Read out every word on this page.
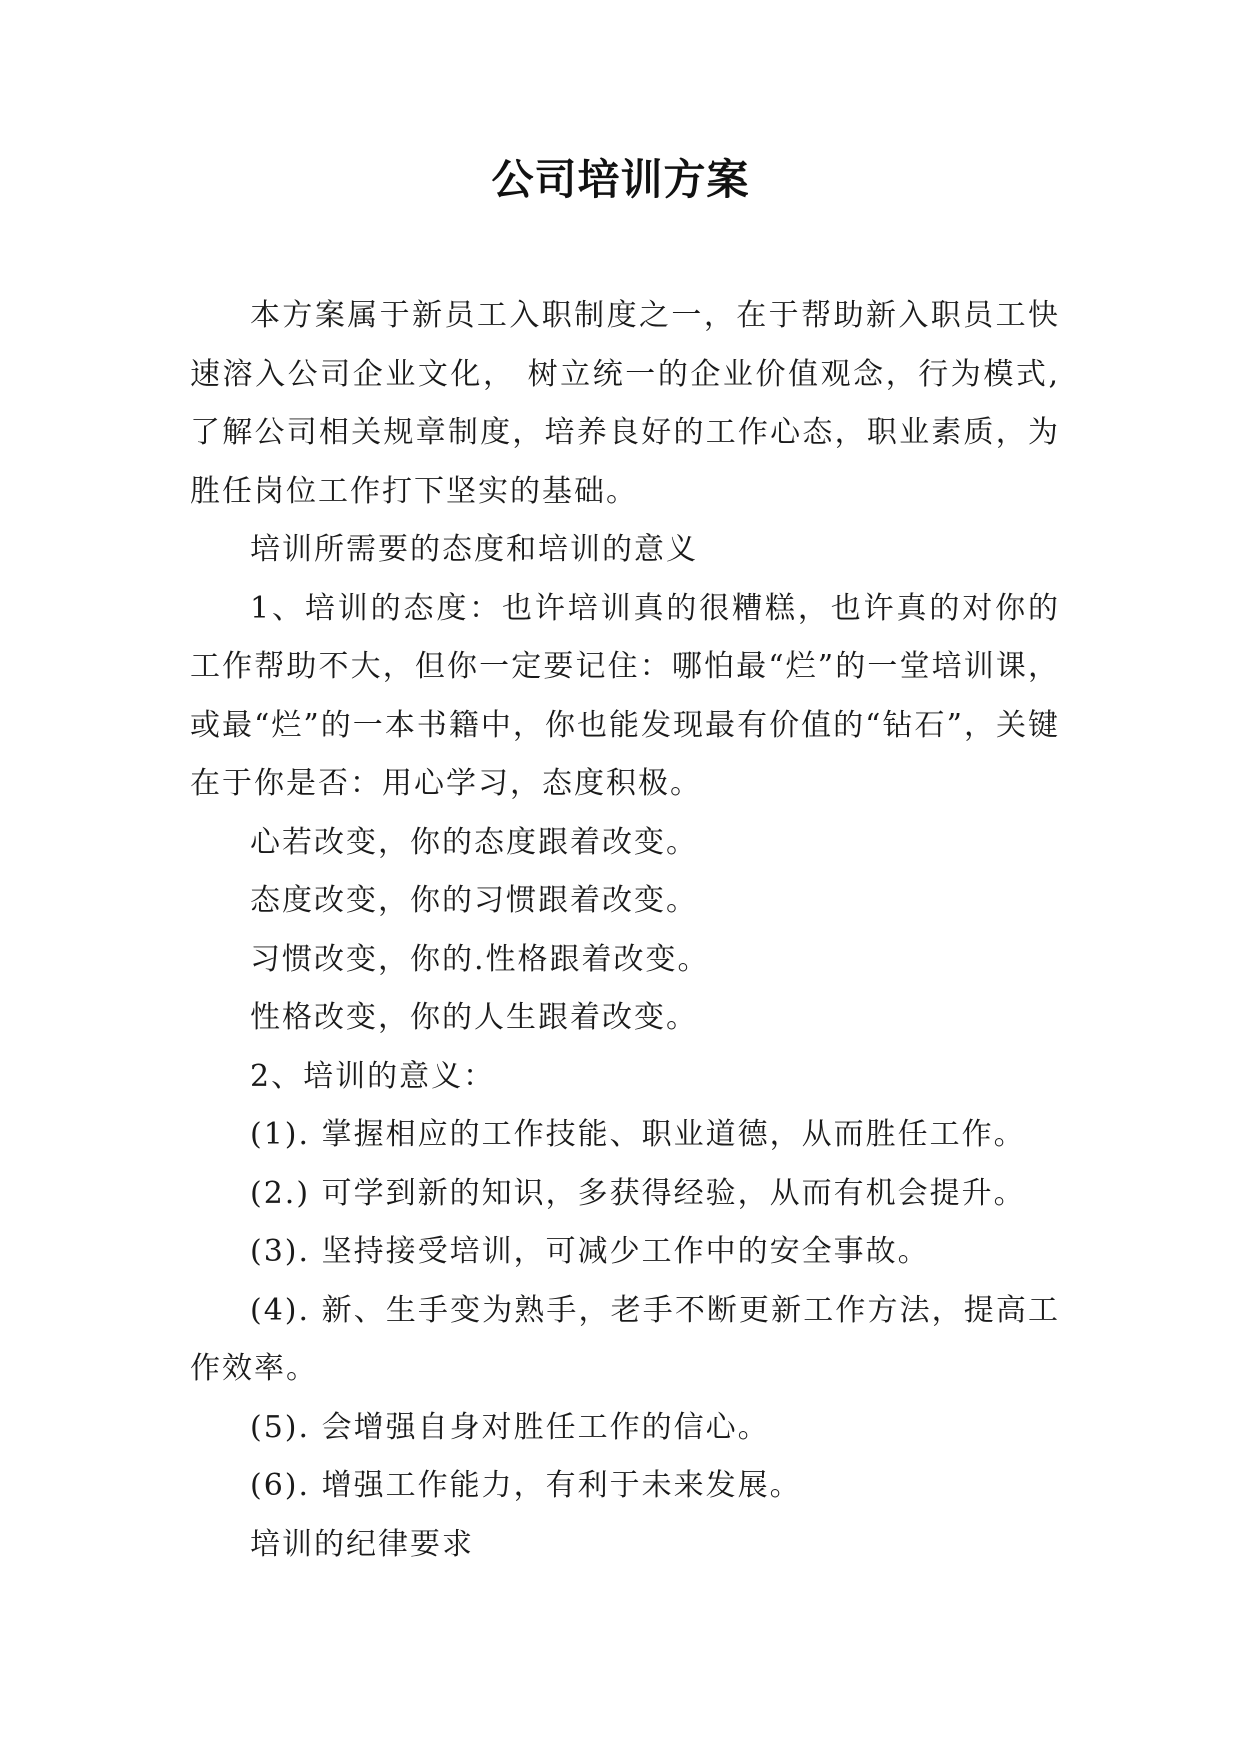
公司培训方案

本方案属于新员工入职制度之一，在于帮助新入职员工快速溶入公司企业文化， 树立统一的企业价值观念，行为模式,了解公司相关规章制度，培养良好的工作心态，职业素质，为胜任岗位工作打下坚实的基础。

培训所需要的态度和培训的意义

1、培训的态度：也许培训真的很糟糕，也许真的对你的工作帮助不大，但你一定要记住：哪怕最“烂”的一堂培训课，或最“烂”的一本书籍中，你也能发现最有价值的“钻石”，关键在于你是否：用心学习，态度积极。

心若改变，你的态度跟着改变。

态度改变，你的习惯跟着改变。

习惯改变，你的.性格跟着改变。

性格改变，你的人生跟着改变。

2、培训的意义：

(1). 掌握相应的工作技能、职业道德，从而胜任工作。

(2.) 可学到新的知识，多获得经验，从而有机会提升。

(3). 坚持接受培训，可减少工作中的安全事故。

(4). 新、生手变为熟手，老手不断更新工作方法，提高工作效率。

(5). 会增强自身对胜任工作的信心。

(6). 增强工作能力，有利于未来发展。

培训的纪律要求
